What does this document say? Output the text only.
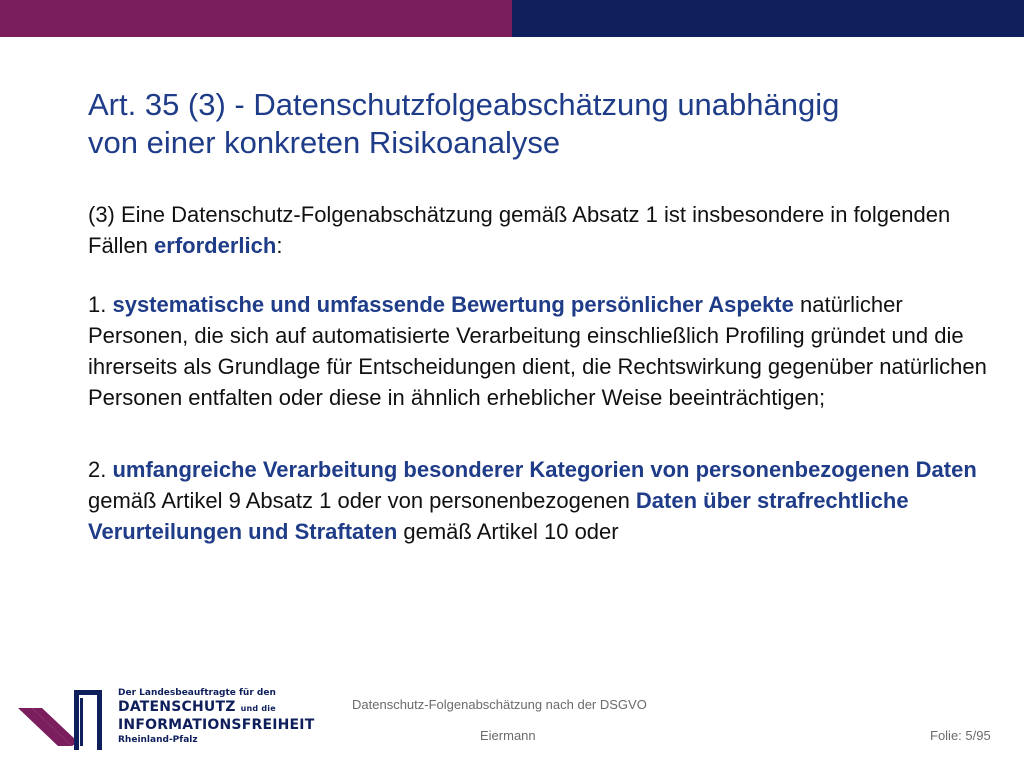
Art. 35 (3) - Datenschutzfolgeabschätzung unabhängig
von einer konkreten Risikoanalyse

(3) Eine Datenschutz-Folgenabschätzung gemäß Absatz 1 ist insbesondere in folgenden Fällen erforderlich:

1. systematische und umfassende Bewertung persönlicher Aspekte natürlicher Personen, die sich auf automatisierte Verarbeitung einschließlich Profiling gründet und die ihrerseits als Grundlage für Entscheidungen dient, die Rechtswirkung gegenüber natürlichen Personen entfalten oder diese in ähnlich erheblicher Weise beeinträchtigen;

2. umfangreiche Verarbeitung besonderer Kategorien von personenbezogenen Daten gemäß Artikel 9 Absatz 1 oder von personenbezogenen Daten über strafrechtliche Verurteilungen und Straftaten gemäß Artikel 10 oder

Der Landesbeauftragte für den
DATENSCHUTZ und die
INFORMATIONSFREIHEIT
Rheinland-Pfalz
Datenschutz-Folgenabschätzung nach der DSGVO
Eiermann	Folie: 5/95
